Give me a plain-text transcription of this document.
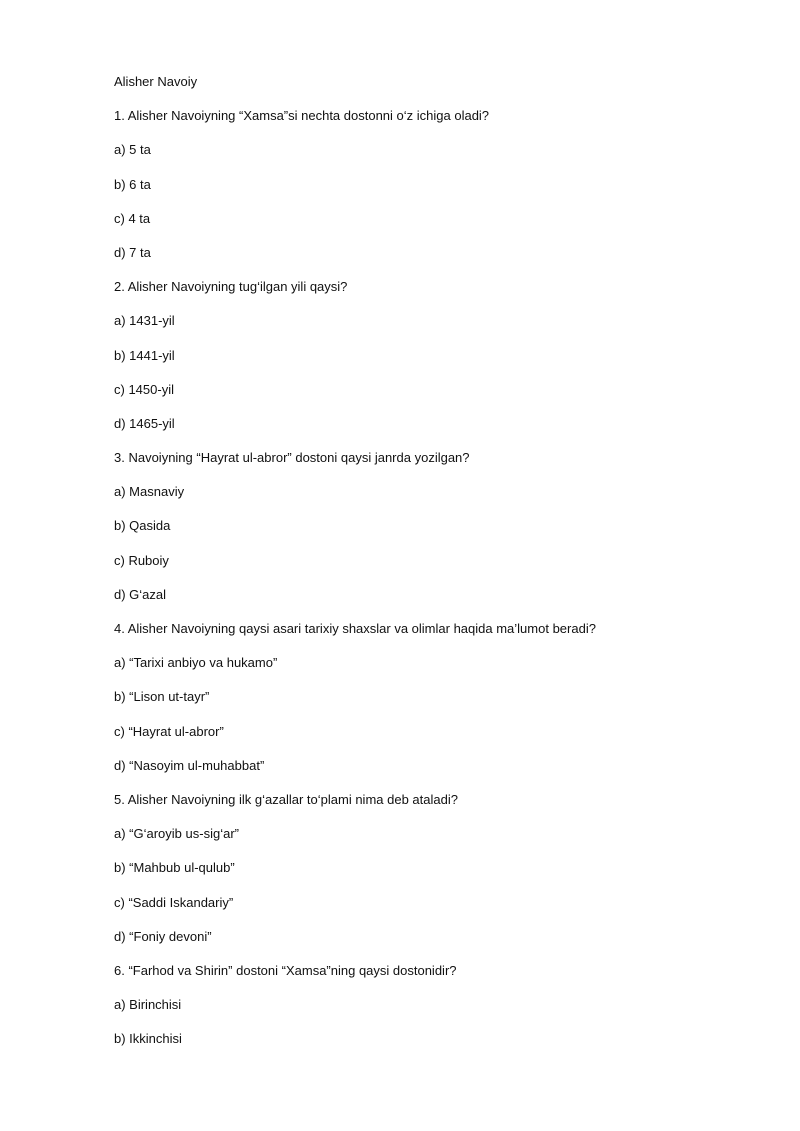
Alisher Navoiy
1. Alisher Navoiyning “Xamsa”si nechta dostonni o‘z ichiga oladi?
a) 5 ta
b) 6 ta
c) 4 ta
d) 7 ta
2. Alisher Navoiyning tug‘ilgan yili qaysi?
a) 1431-yil
b) 1441-yil
c) 1450-yil
d) 1465-yil
3. Navoiyning “Hayrat ul-abror” dostoni qaysi janrda yozilgan?
a) Masnaviy
b) Qasida
c) Ruboiy
d) G‘azal
4. Alisher Navoiyning qaysi asari tarixiy shaxslar va olimlar haqida ma’lumot beradi?
a) “Tarixi anbiyo va hukamo”
b) “Lison ut-tayr”
c) “Hayrat ul-abror”
d) “Nasoyim ul-muhabbat”
5. Alisher Navoiyning ilk g‘azallar to‘plami nima deb ataladi?
a) “G‘aroyib us-sig‘ar”
b) “Mahbub ul-qulub”
c) “Saddi Iskandariy”
d) “Foniy devoni”
6. “Farhod va Shirin” dostoni “Xamsa”ning qaysi dostonidir?
a) Birinchisi
b) Ikkinchisi
